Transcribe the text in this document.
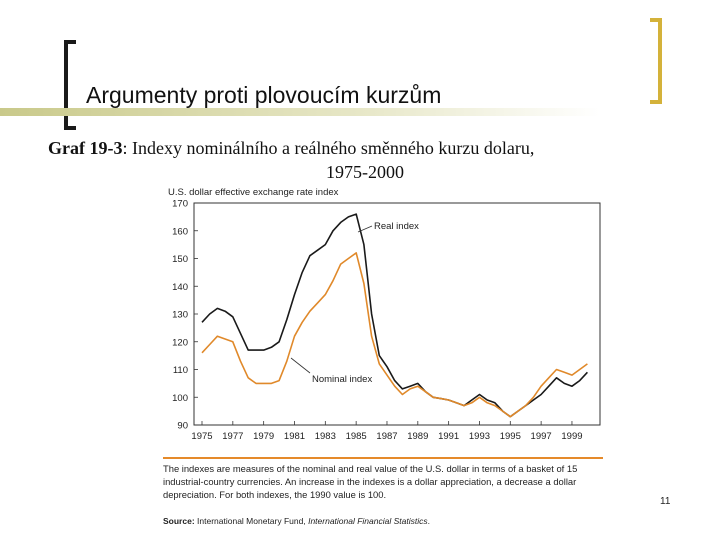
Argumenty proti plovoucím kurzům
Graf 19-3: Indexy nominálního a reálného směnného kurzu dolaru,
1975-2000
U.S. dollar effective exchange rate index
90
100
110
120
130
140
150
160
170
1975 1977 1979 1981 1983 1985 1987 1989 1991 1993 1995 1997 1999
Real index
Nominal index
The indexes are measures of the nominal and real value of the U.S. dollar in terms of a basket of 15 industrial-country currencies. An increase in the indexes is a dollar appreciation, a decrease a dollar depreciation. For both indexes, the 1990 value is 100.
Source: International Monetary Fund, International Financial Statistics.
11
